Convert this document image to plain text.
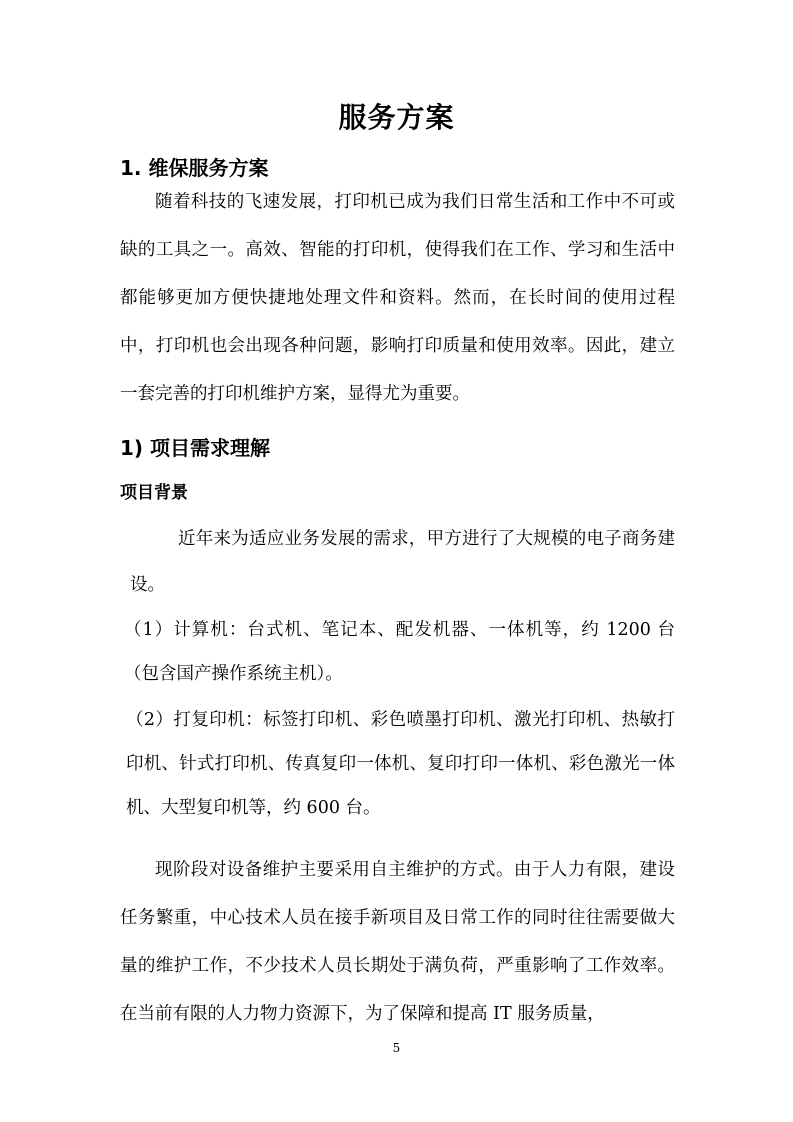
服务方案
1. 维保服务方案

随着科技的飞速发展，打印机已成为我们日常生活和工作中不可或缺的工具之一。高效、智能的打印机，使得我们在工作、学习和生活中都能够更加方便快捷地处理文件和资料。然而，在长时间的使用过程中，打印机也会出现各种问题，影响打印质量和使用效率。因此，建立一套完善的打印机维护方案，显得尤为重要。

1) 项目需求理解
项目背景

近年来为适应业务发展的需求，甲方进行了大规模的电子商务建设。

（1）计算机：台式机、笔记本、配发机器、一体机等，约 1200 台（包含国产操作系统主机）。

（2）打复印机：标签打印机、彩色喷墨打印机、激光打印机、热敏打印机、针式打印机、传真复印一体机、复印打印一体机、彩色激光一体机、大型复印机等，约 600 台。

现阶段对设备维护主要采用自主维护的方式。由于人力有限，建设任务繁重，中心技术人员在接手新项目及日常工作的同时往往需要做大量的维护工作，不少技术人员长期处于满负荷，严重影响了工作效率。在当前有限的人力物力资源下，为了保障和提高 IT 服务质量，

5
